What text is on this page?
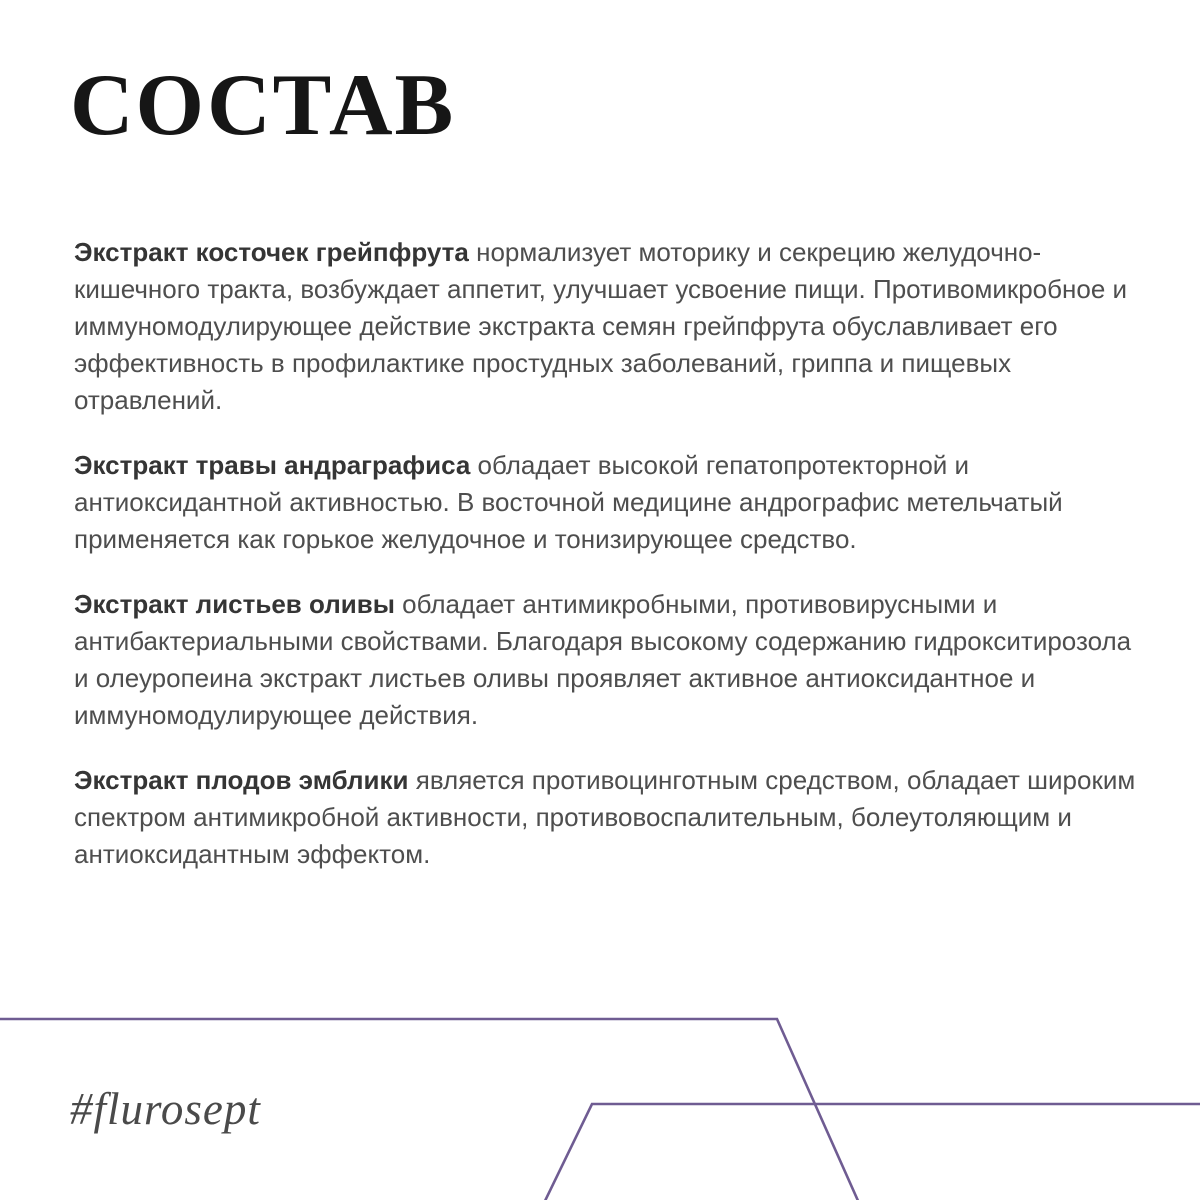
СОСТАВ

Экстракт косточек грейпфрута нормализует моторику и секрецию желудочно-кишечного тракта, возбуждает аппетит, улучшает усвоение пищи. Противомикробное и иммуномодулирующее действие экстракта семян грейпфрута обуславливает его эффективность в профилактике простудных заболеваний, гриппа и пищевых отравлений.

Экстракт травы андраграфиса обладает высокой гепатопротекторной и антиоксидантной активностью. В восточной медицине андрографис метельчатый применяется как горькое желудочное и тонизирующее средство.

Экстракт листьев оливы обладает антимикробными, противовирусными и антибактериальными свойствами. Благодаря высокому содержанию гидрокситирозола и олеуропеина экстракт листьев оливы проявляет активное антиоксидантное и иммуномодулирующее действия.

Экстракт плодов эмблики является противоцинготным средством, обладает широким спектром антимикробной активности, противовоспалительным, болеутоляющим и антиоксидантным эффектом.

#flurosept
